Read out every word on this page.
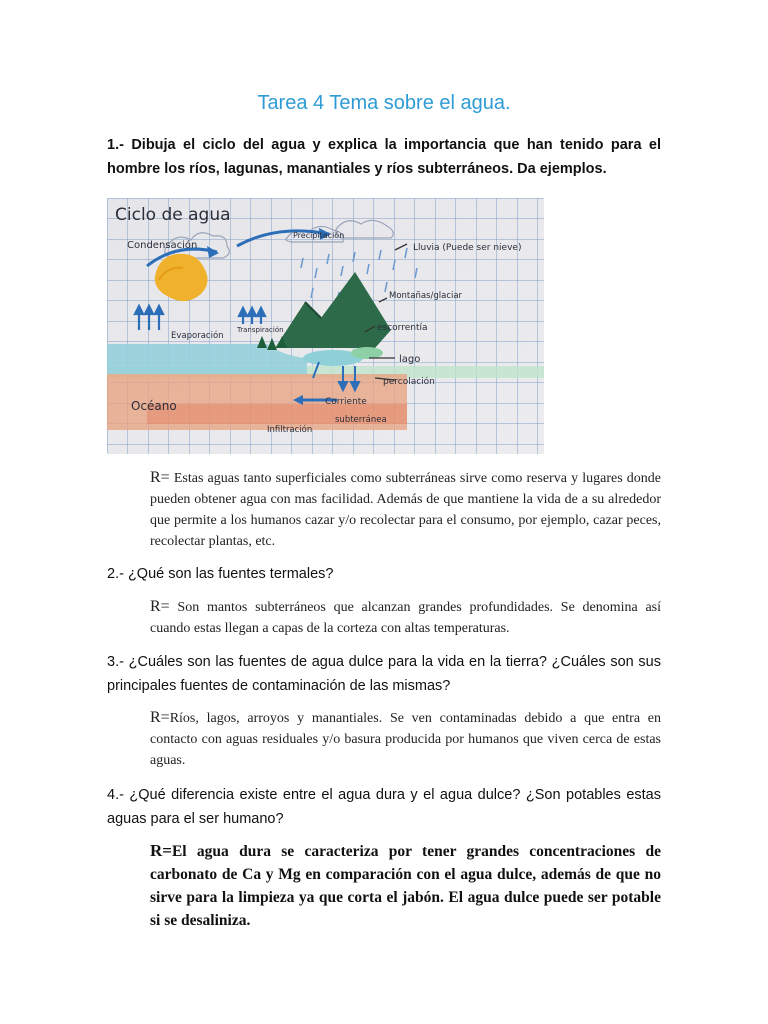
Tarea 4 Tema sobre el agua.
1.- Dibuja el ciclo del agua y explica la importancia que han tenido para el hombre los ríos, lagunas, manantiales y ríos subterráneos. Da ejemplos.
Ciclo de agua
Condensación
Precipitación
Lluvia (Puede ser nieve)
Montañas/glaciar
escorrentía
Evaporación
Transpiración
lago
percolación
Océano	Corriente
subterránea
Infiltración
R= Estas aguas tanto superficiales como subterráneas sirve como reserva y lugares donde pueden obtener agua con mas facilidad. Además de que mantiene la vida de a su alrededor que permite a los humanos cazar y/o recolectar para el consumo, por ejemplo, cazar peces, recolectar plantas, etc.
2.- ¿Qué son las fuentes termales?
R= Son mantos subterráneos que alcanzan grandes profundidades. Se denomina así cuando estas llegan a capas de la corteza con altas temperaturas.
3.- ¿Cuáles son las fuentes de agua dulce para la vida en la tierra? ¿Cuáles son sus principales fuentes de contaminación de las mismas?
R=Ríos, lagos, arroyos y manantiales. Se ven contaminadas debido a que entra en contacto con aguas residuales y/o basura producida por humanos que viven cerca de estas aguas.
4.- ¿Qué diferencia existe entre el agua dura y el agua dulce? ¿Son potables estas aguas para el ser humano?
R=El agua dura se caracteriza por tener grandes concentraciones de carbonato de Ca y Mg en comparación con el agua dulce, además de que no sirve para la limpieza ya que corta el jabón. El agua dulce puede ser potable si se desaliniza.
